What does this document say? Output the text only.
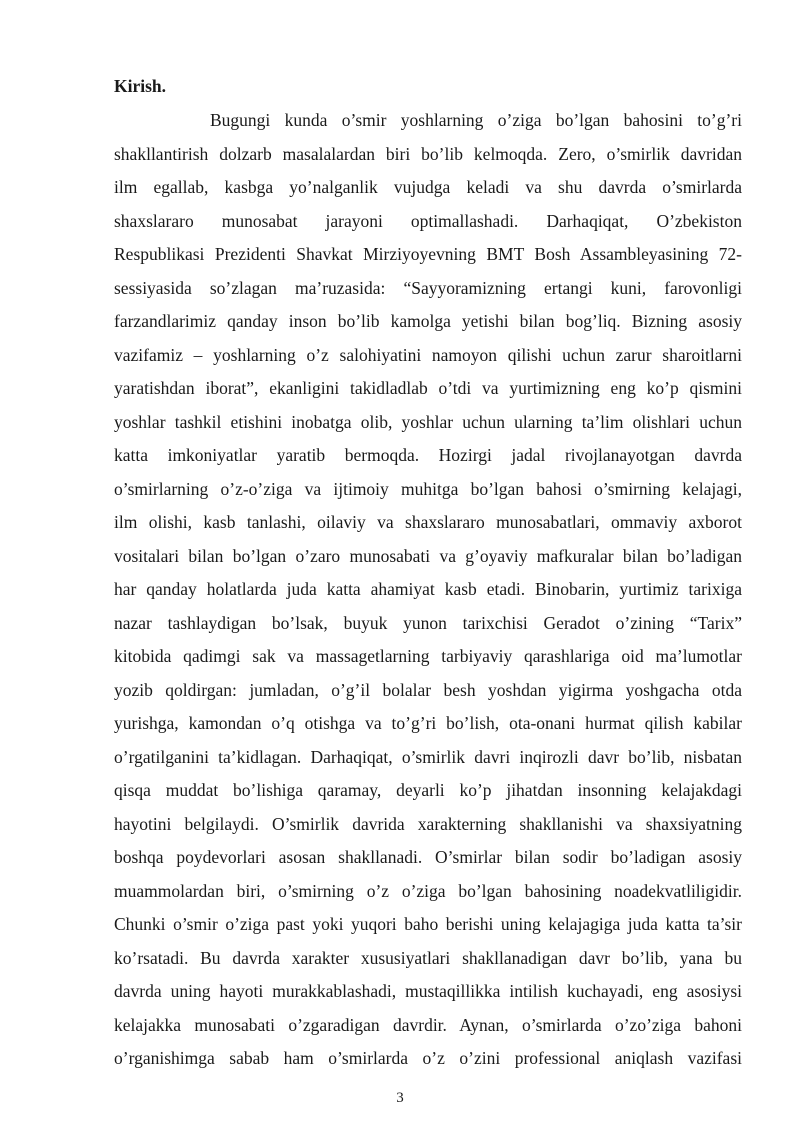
Kirish.

Bugungi kunda o’smir yoshlarning o’ziga bo’lgan bahosini to’g’ri
shakllantirish dolzarb masalalardan biri bo’lib kelmoqda. Zero, o’smirlik davridan
ilm egallab, kasbga yo’nalganlik vujudga keladi va shu davrda o’smirlarda
shaxslararo munosabat jarayoni optimallashadi. Darhaqiqat, O’zbekiston
Respublikasi Prezidenti Shavkat Mirziyoyevning BMT Bosh Assambleyasining 72-
sessiyasida so’zlagan ma’ruzasida: “Sayyoramizning ertangi kuni, farovonligi
farzandlarimiz qanday inson bo’lib kamolga yetishi bilan bog’liq. Bizning asosiy
vazifamiz – yoshlarning o’z salohiyatini namoyon qilishi uchun zarur sharoitlarni
yaratishdan iborat”, ekanligini takidladlab o’tdi va yurtimizning eng ko’p qismini
yoshlar tashkil etishini inobatga olib, yoshlar uchun ularning ta’lim olishlari uchun
katta imkoniyatlar yaratib bermoqda. Hozirgi jadal rivojlanayotgan davrda
o’smirlarning o’z-o’ziga va ijtimoiy muhitga bo’lgan bahosi o’smirning kelajagi,
ilm olishi, kasb tanlashi, oilaviy va shaxslararo munosabatlari, ommaviy axborot
vositalari bilan bo’lgan o’zaro munosabati va g’oyaviy mafkuralar bilan bo’ladigan
har qanday holatlarda juda katta ahamiyat kasb etadi. Binobarin, yurtimiz tarixiga
nazar tashlaydigan bo’lsak, buyuk yunon tarixchisi Geradot o’zining “Tarix”
kitobida qadimgi sak va massagetlarning tarbiyaviy qarashlariga oid ma’lumotlar
yozib qoldirgan: jumladan, o’g’il bolalar besh yoshdan yigirma yoshgacha otda
yurishga, kamondan o’q otishga va to’g’ri bo’lish, ota-onani hurmat qilish kabilar
o’rgatilganini ta’kidlagan. Darhaqiqat, o’smirlik davri inqirozli davr bo’lib, nisbatan
qisqa muddat bo’lishiga qaramay, deyarli ko’p jihatdan insonning kelajakdagi
hayotini belgilaydi. O’smirlik davrida xarakterning shakllanishi va shaxsiyatning
boshqa poydevorlari asosan shakllanadi. O’smirlar bilan sodir bo’ladigan asosiy
muammolardan biri, o’smirning o’z o’ziga bo’lgan bahosining noadekvatliligidir.
Chunki o’smir o’ziga past yoki yuqori baho berishi uning kelajagiga juda katta ta’sir
ko’rsatadi. Bu davrda xarakter xususiyatlari shakllanadigan davr bo’lib, yana bu
davrda uning hayoti murakkablashadi, mustaqillikka intilish kuchayadi, eng asosiysi
kelajakka munosabati o’zgaradigan davrdir. Aynan, o’smirlarda o’zo’ziga bahoni
o’rganishimga sabab ham o’smirlarda o’z o’zini professional aniqlash vazifasi
3
